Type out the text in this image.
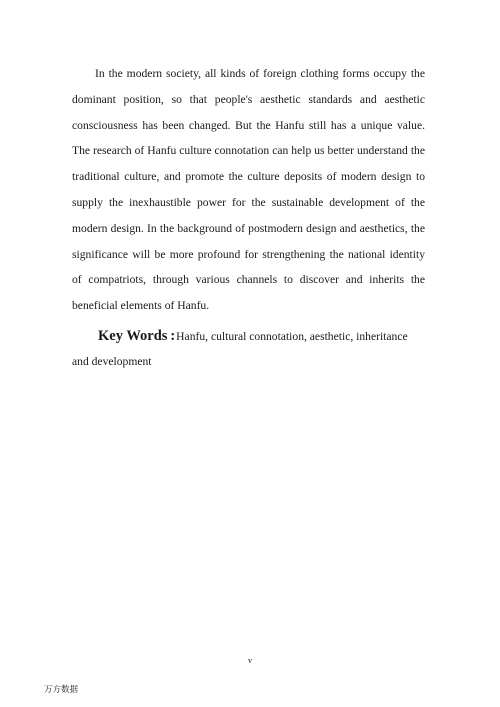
In the modern society, all kinds of foreign clothing forms occupy the dominant position, so that people's aesthetic standards and aesthetic consciousness has been changed. But the Hanfu still has a unique value. The research of Hanfu culture connotation can help us better understand the traditional culture, and promote the culture deposits of modern design to supply the inexhaustible power for the sustainable development of the modern design. In the background of postmodern design and aesthetics, the significance will be more profound for strengthening the national identity of compatriots, through various channels to discover and inherits the beneficial elements of Hanfu.

Key Words :Hanfu, cultural connotation, aesthetic, inheritance and development

v
万方数据
